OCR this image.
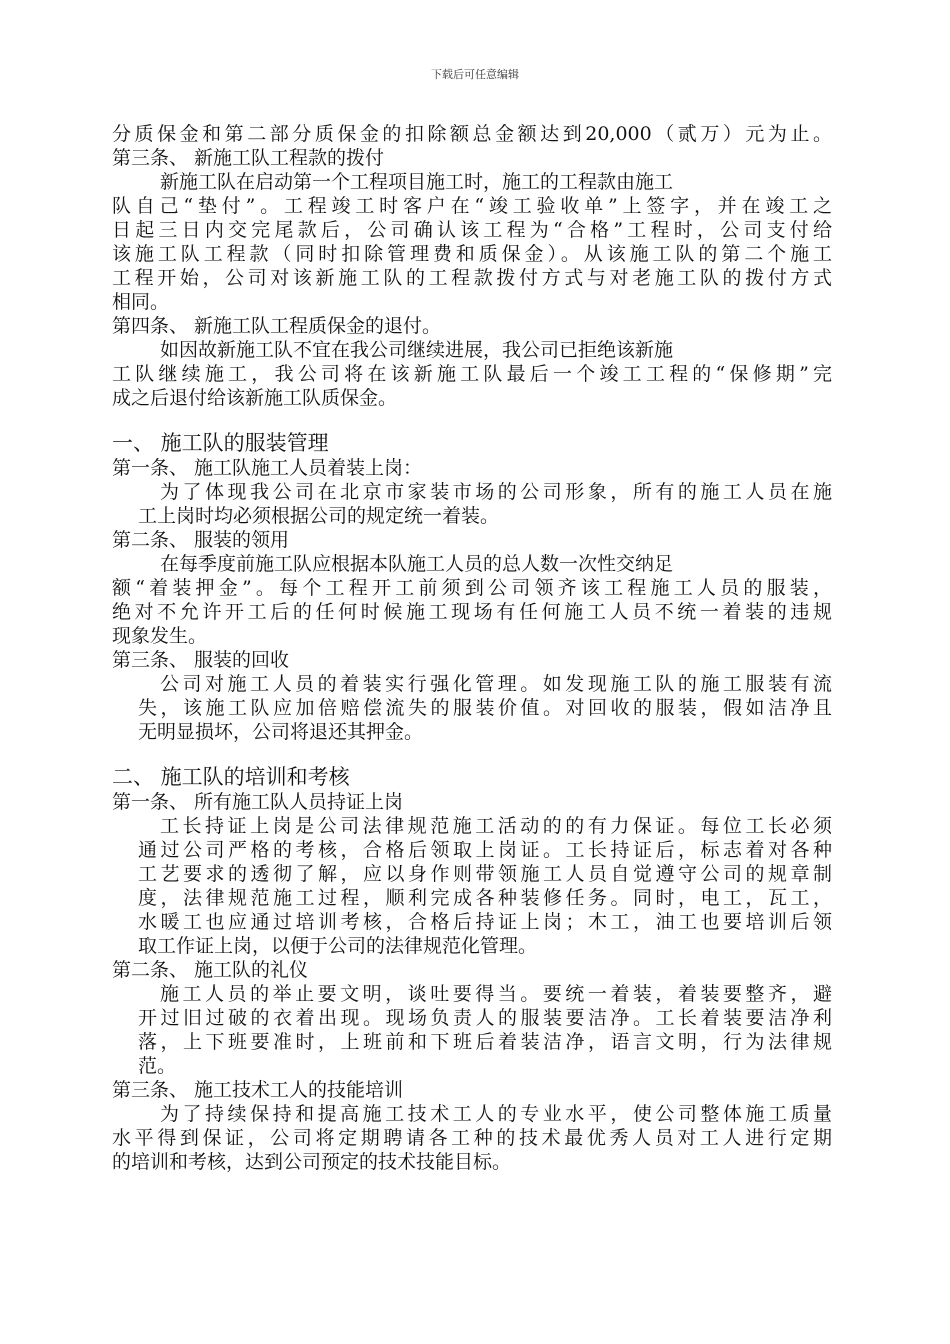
下载后可任意编辑
分质保金和第二部分质保金的扣除额总金额达到20,000（贰万）元为止。
第三条、 新施工队工程款的拨付
新施工队在启动第一个工程项目施工时，施工的工程款由施工
队自己“垫付”。工程竣工时客户在“竣工验收单”上签字，并在竣工之
日起三日内交完尾款后，公司确认该工程为“合格”工程时，公司支付给
该施工队工程款（同时扣除管理费和质保金）。从该施工队的第二个施工
工程开始，公司对该新施工队的工程款拨付方式与对老施工队的拨付方式
相同。
第四条、 新施工队工程质保金的退付。
如因故新施工队不宜在我公司继续进展，我公司已拒绝该新施
工队继续施工，我公司将在该新施工队最后一个竣工工程的“保修期”完
成之后退付给该新施工队质保金。
一、 施工队的服装管理
第一条、 施工队施工人员着装上岗：
为了体现我公司在北京市家装市场的公司形象，所有的施工人员在施
工上岗时均必须根据公司的规定统一着装。
第二条、 服装的领用
在每季度前施工队应根据本队施工人员的总人数一次性交纳足
额“着装押金”。每个工程开工前须到公司领齐该工程施工人员的服装，
绝对不允许开工后的任何时候施工现场有任何施工人员不统一着装的违规
现象发生。
第三条、 服装的回收
公司对施工人员的着装实行强化管理。如发现施工队的施工服装有流
失，该施工队应加倍赔偿流失的服装价值。对回收的服装，假如洁净且
无明显损坏，公司将退还其押金。
二、 施工队的培训和考核
第一条、 所有施工队人员持证上岗
工长持证上岗是公司法律规范施工活动的的有力保证。每位工长必须
通过公司严格的考核，合格后领取上岗证。工长持证后，标志着对各种
工艺要求的透彻了解，应以身作则带领施工人员自觉遵守公司的规章制
度，法律规范施工过程，顺利完成各种装修任务。同时，电工，瓦工，
水暖工也应通过培训考核，合格后持证上岗；木工，油工也要培训后领
取工作证上岗，以便于公司的法律规范化管理。
第二条、 施工队的礼仪
施工人员的举止要文明，谈吐要得当。要统一着装，着装要整齐，避
开过旧过破的衣着出现。现场负责人的服装要洁净。工长着装要洁净利
落，上下班要准时，上班前和下班后着装洁净，语言文明，行为法律规
范。
第三条、 施工技术工人的技能培训
为了持续保持和提高施工技术工人的专业水平，使公司整体施工质量
水平得到保证，公司将定期聘请各工种的技术最优秀人员对工人进行定期
的培训和考核，达到公司预定的技术技能目标。
